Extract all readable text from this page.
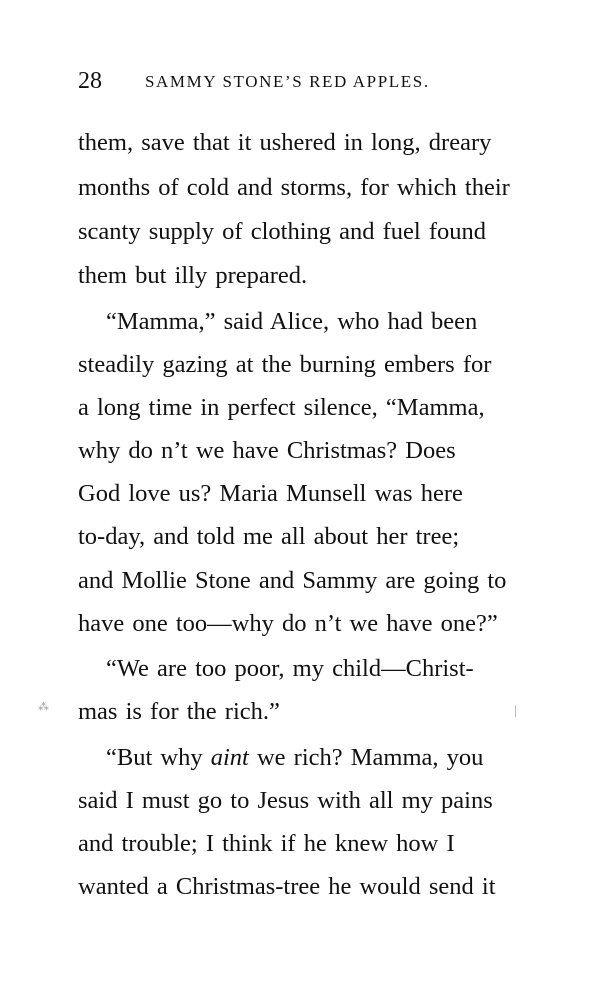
28	SAMMY STONE’S RED APPLES.
them, save that it ushered in long, dreary
months of cold and storms, for which their
scanty supply of clothing and fuel found
them but illy prepared.
“Mamma,” said Alice, who had been
steadily gazing at the burning embers for
a long time in perfect silence, “Mamma,
why do n’t we have Christmas? Does
God love us? Maria Munsell was here
to-day, and told me all about her tree;
and Mollie Stone and Sammy are going to
have one too—why do n’t we have one?”
“We are too poor, my child—Christ-
mas is for the rich.”
“But why aint we rich? Mamma, you
said I must go to Jesus with all my pains
and trouble; I think if he knew how I
wanted a Christmas-tree he would send it
⁂
